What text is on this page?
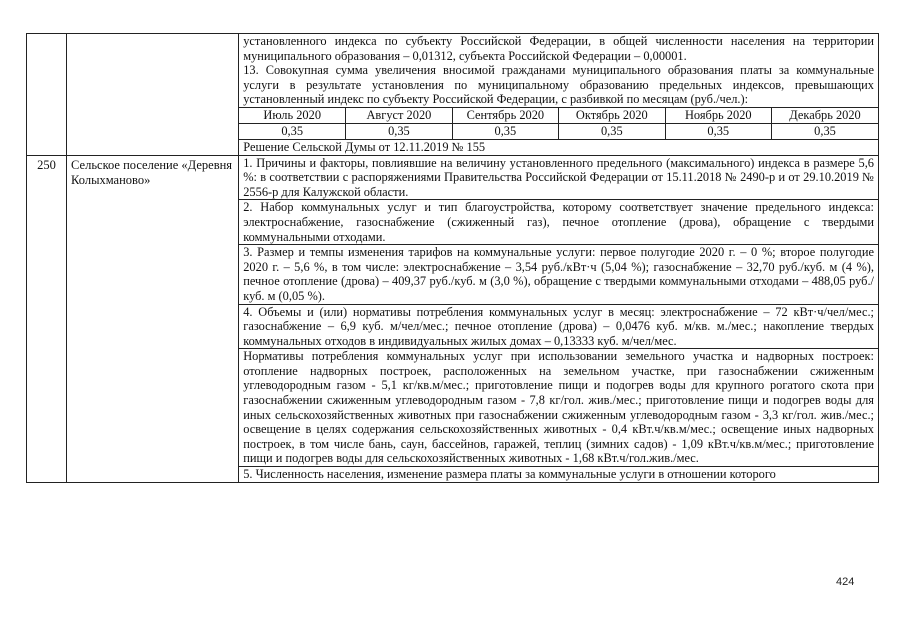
установленного индекса по субъекту Российской Федерации, в общей численности населения на территории муниципального образования – 0,01312, субъекта Российской Федерации – 0,00001.

13. Совокупная сумма увеличения вносимой гражданами муниципального образования платы за коммунальные услуги в результате установления по муниципальному образованию предельных индексов, превышающих установленный индекс по субъекту Российской Федерации, с разбивкой по месяцам (руб./чел.):

Июль 2020	Август 2020	Сентябрь 2020	Октябрь 2020	Ноябрь 2020	Декабрь 2020
0,35	0,35	0,35	0,35	0,35	0,35
Решение Сельской Думы от 12.11.2019 № 155

250	Сельское поселение «Деревня Колыхманово»	

1. Причины и факторы, повлиявшие на величину установленного предельного (максимального) индекса в размере 5,6 %: в соответствии с распоряжениями Правительства Российской Федерации от 15.11.2018 № 2490-р и от 29.10.2019 № 2556-р для Калужской области.

2. Набор коммунальных услуг и тип благоустройства, которому соответствует значение предельного индекса: электроснабжение, газоснабжение (сжиженный газ), печное отопление (дрова), обращение с твердыми коммунальными отходами.

3. Размер и темпы изменения тарифов на коммунальные услуги: первое полугодие 2020 г. – 0 %; второе полугодие 2020 г. – 5,6 %, в том числе: электроснабжение – 3,54 руб./кВт·ч (5,04 %); газоснабжение – 32,70 руб./куб. м (4 %), печное отопление (дрова) – 409,37 руб./куб. м (3,0 %), обращение с твердыми коммунальными отходами – 488,05 руб./куб. м (0,05 %).

4. Объемы и (или) нормативы потребления коммунальных услуг в месяц: электроснабжение – 72 кВт·ч/чел/мес.; газоснабжение – 6,9 куб. м/чел/мес.; печное отопление (дрова) – 0,0476 куб. м/кв. м./мес.; накопление твердых коммунальных отходов в индивидуальных жилых домах – 0,13333 куб. м/чел/мес.

Нормативы потребления коммунальных услуг при использовании земельного участка и надворных построек: отопление надворных построек, расположенных на земельном участке, при газоснабжении сжиженным углеводородным газом - 5,1 кг/кв.м/мес.; приготовление пищи и подогрев воды для крупного рогатого скота при газоснабжении сжиженным углеводородным газом - 7,8 кг/гол. жив./мес.; приготовление пищи и подогрев воды для иных сельскохозяйственных животных при газоснабжении сжиженным углеводородным газом - 3,3 кг/гол. жив./мес.; освещение в целях содержания сельскохозяйственных животных - 0,4 кВт.ч/кв.м/мес.; освещение иных надворных построек, в том числе бань, саун, бассейнов, гаражей, теплиц (зимних садов) - 1,09 кВт.ч/кв.м/мес.; приготовление пищи и подогрев воды для сельскохозяйственных животных - 1,68 кВт.ч/гол.жив./мес.

5. Численность населения, изменение размера платы за коммунальные услуги в отношении которого

424
